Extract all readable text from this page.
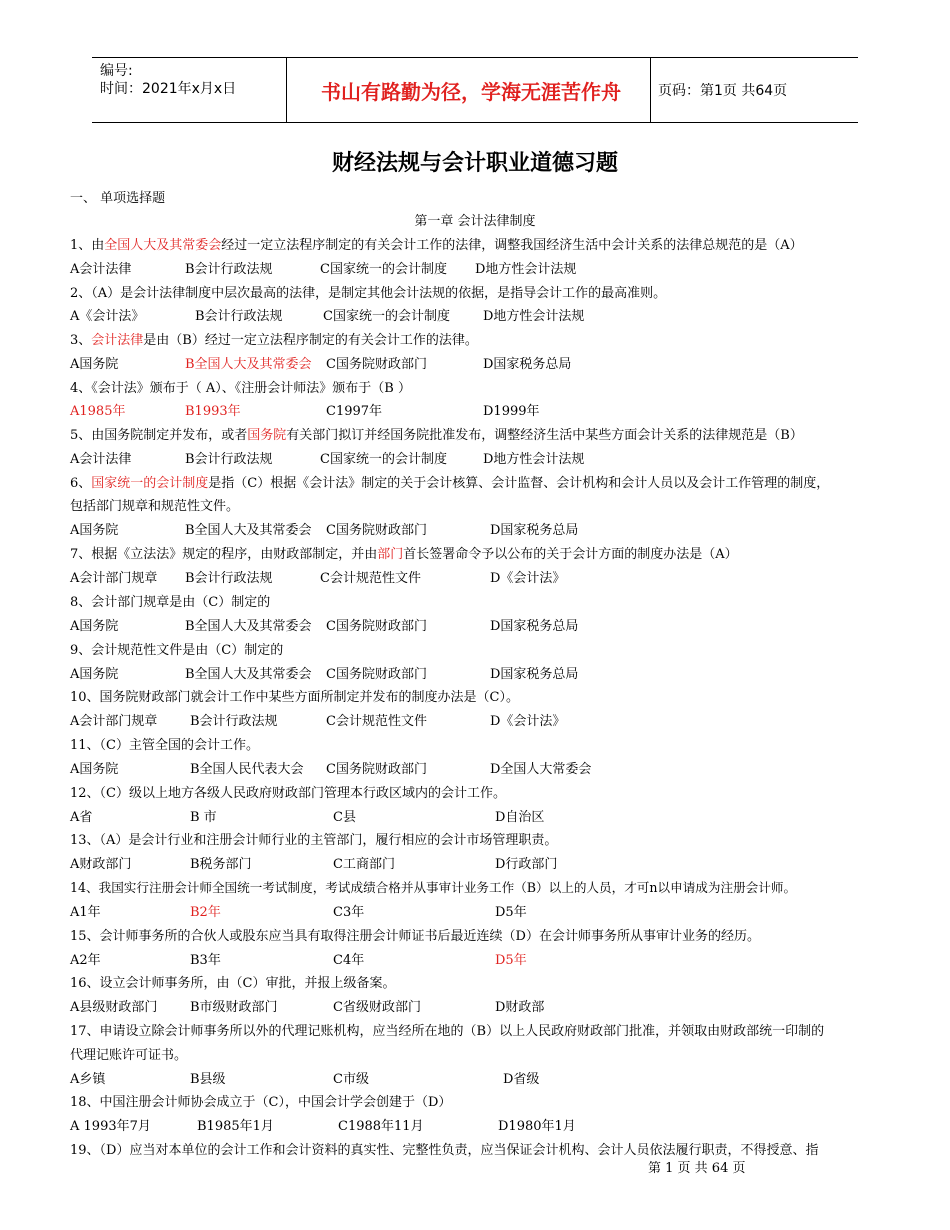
编号:
时间：2021年x月x日	书山有路勤为径，学海无涯苦作舟	页码：第1页 共64页
财经法规与会计职业道德习题
一、 单项选择题
第一章 会计法律制度
1、由全国人大及其常委会经过一定立法程序制定的有关会计工作的法律，调整我国经济生活中会计关系的法律总规范的是（A）
A会计法律	B会计行政法规	C国家统一的会计制度 D地方性会计法规
2、（A）是会计法律制度中层次最高的法律，是制定其他会计法规的依据，是指导会计工作的最高准则。
A《会计法》	B会计行政法规	C国家统一的会计制度	D地方性会计法规
3、会计法律是由（B）经过一定立法程序制定的有关会计工作的法律。
A国务院	B全国人大及其常委会 C国务院财政部门	D国家税务总局
4、《会计法》颁布于（ A）、《注册会计师法》颁布于（B ）
A1985年	B1993年	C1997年	D1999年
5、由国务院制定并发布，或者国务院有关部门拟订并经国务院批准发布，调整经济生活中某些方面会计关系的法律规范是（B）
A会计法律	B会计行政法规	C国家统一的会计制度	D地方性会计法规
6、国家统一的会计制度是指（C）根据《会计法》制定的关于会计核算、会计监督、会计机构和会计人员以及会计工作管理的制度，
包括部门规章和规范性文件。
A国务院	B全国人大及其常委会 C国务院财政部门	D国家税务总局
7、根据《立法法》规定的程序，由财政部制定，并由部门首长签署命令予以公布的关于会计方面的制度办法是（A）
A会计部门规章 B会计行政法规	C会计规范性文件	D《会计法》
8、会计部门规章是由（C）制定的
A国务院	B全国人大及其常委会 C国务院财政部门	D国家税务总局
9、会计规范性文件是由（C）制定的
A国务院	B全国人大及其常委会 C国务院财政部门	D国家税务总局
10、国务院财政部门就会计工作中某些方面所制定并发布的制度办法是（C）。
A会计部门规章	B会计行政法规	C会计规范性文件	D《会计法》
11、（C）主管全国的会计工作。
A国务院	B全国人民代表大会 C国务院财政部门	D全国人大常委会
12、（C）级以上地方各级人民政府财政部门管理本行政区域内的会计工作。
A省	B 市	C县	D自治区
13、（A）是会计行业和注册会计师行业的主管部门，履行相应的会计市场管理职责。
A财政部门	B税务部门	C工商部门	D行政部门
14、我国实行注册会计师全国统一考试制度，考试成绩合格并从事审计业务工作（B）以上的人员，才可n以申请成为注册会计师。
A1年	B2年	C3年	D5年
15、会计师事务所的合伙人或股东应当具有取得注册会计师证书后最近连续（D）在会计师事务所从事审计业务的经历。
A2年	B3年	C4年	D5年
16、设立会计师事务所，由（C）审批，并报上级备案。
A县级财政部门	B市级财政部门	C省级财政部门	D财政部
17、申请设立除会计师事务所以外的代理记账机构，应当经所在地的（B）以上人民政府财政部门批准，并领取由财政部统一印制的
代理记账许可证书。
A乡镇	B县级	C市级	D省级
18、中国注册会计师协会成立于（C），中国会计学会创建于（D）
A 1993年7月	B1985年1月	C1988年11月	D1980年1月
19、（D）应当对本单位的会计工作和会计资料的真实性、完整性负责，应当保证会计机构、会计人员依法履行职责，不得授意、指
第 1 页 共 64 页
